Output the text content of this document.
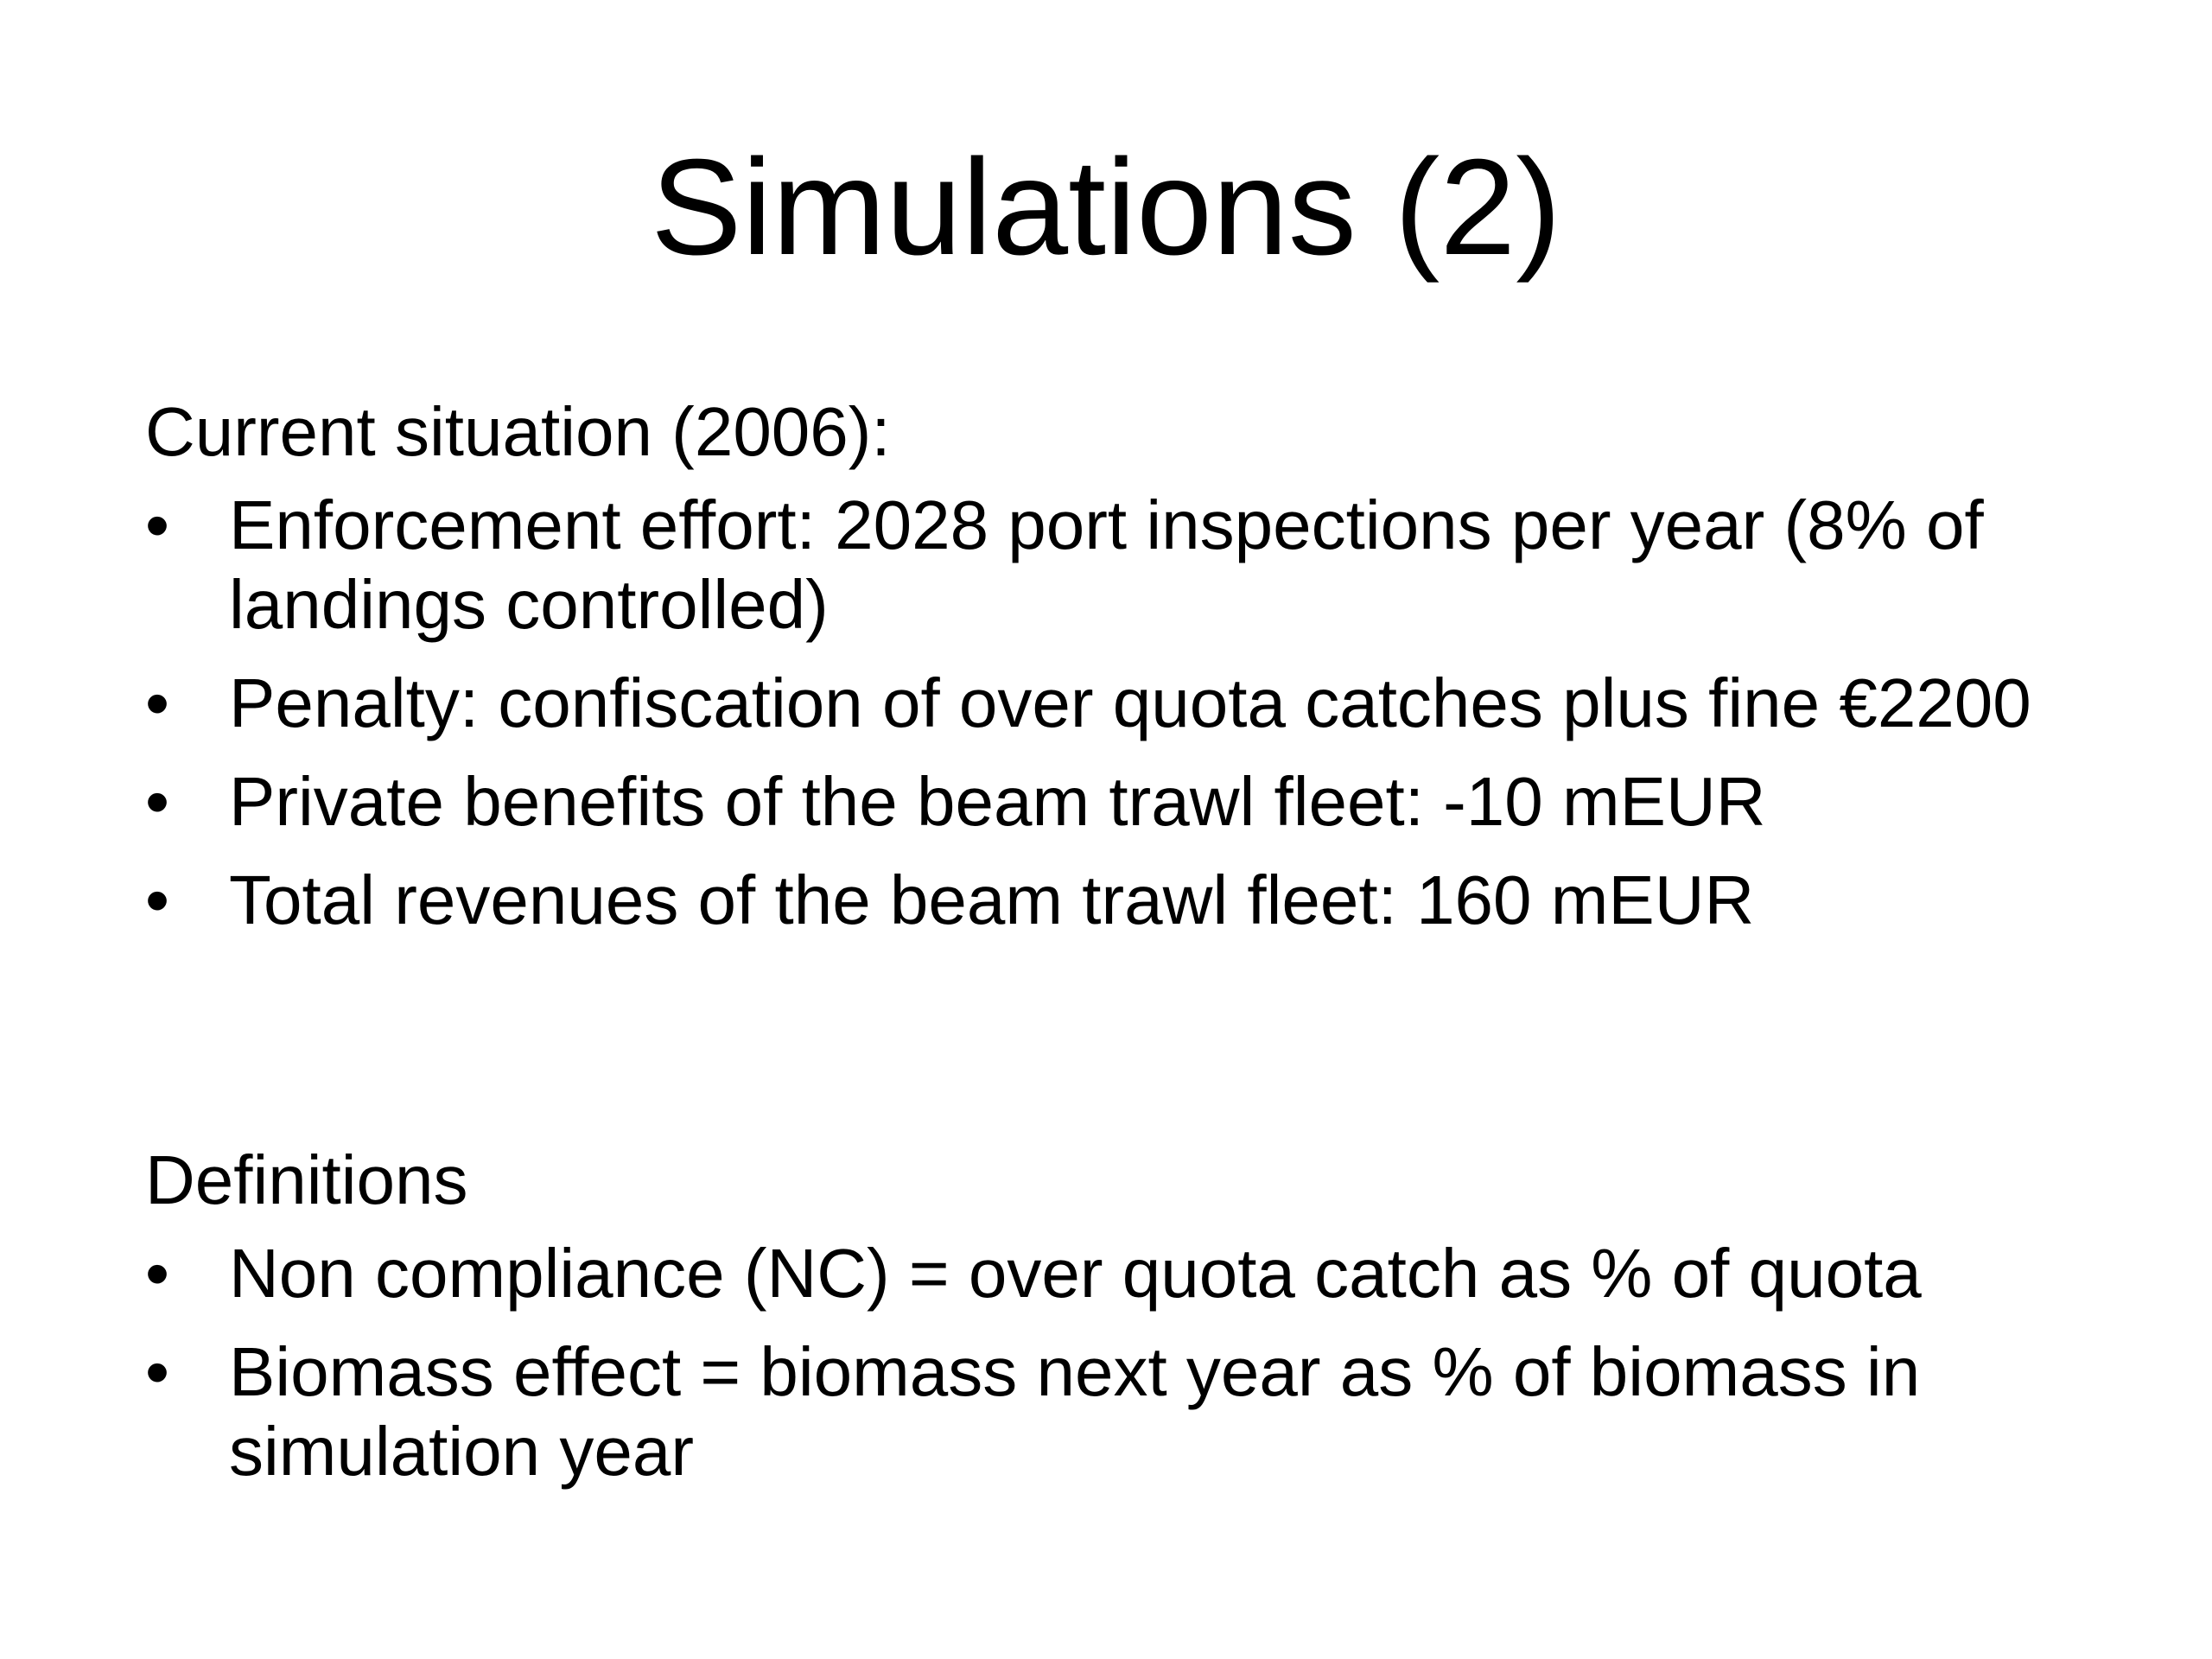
Simulations (2)

Current situation (2006):

• Enforcement effort: 2028 port inspections per year (8% of landings controlled)
• Penalty: confiscation of over quota catches plus fine €2200
• Private benefits of the beam trawl fleet: -10 mEUR
• Total revenues of the beam trawl fleet: 160 mEUR

Definitions

• Non compliance (NC) = over quota catch as % of quota
• Biomass effect = biomass next year as % of biomass in simulation year
